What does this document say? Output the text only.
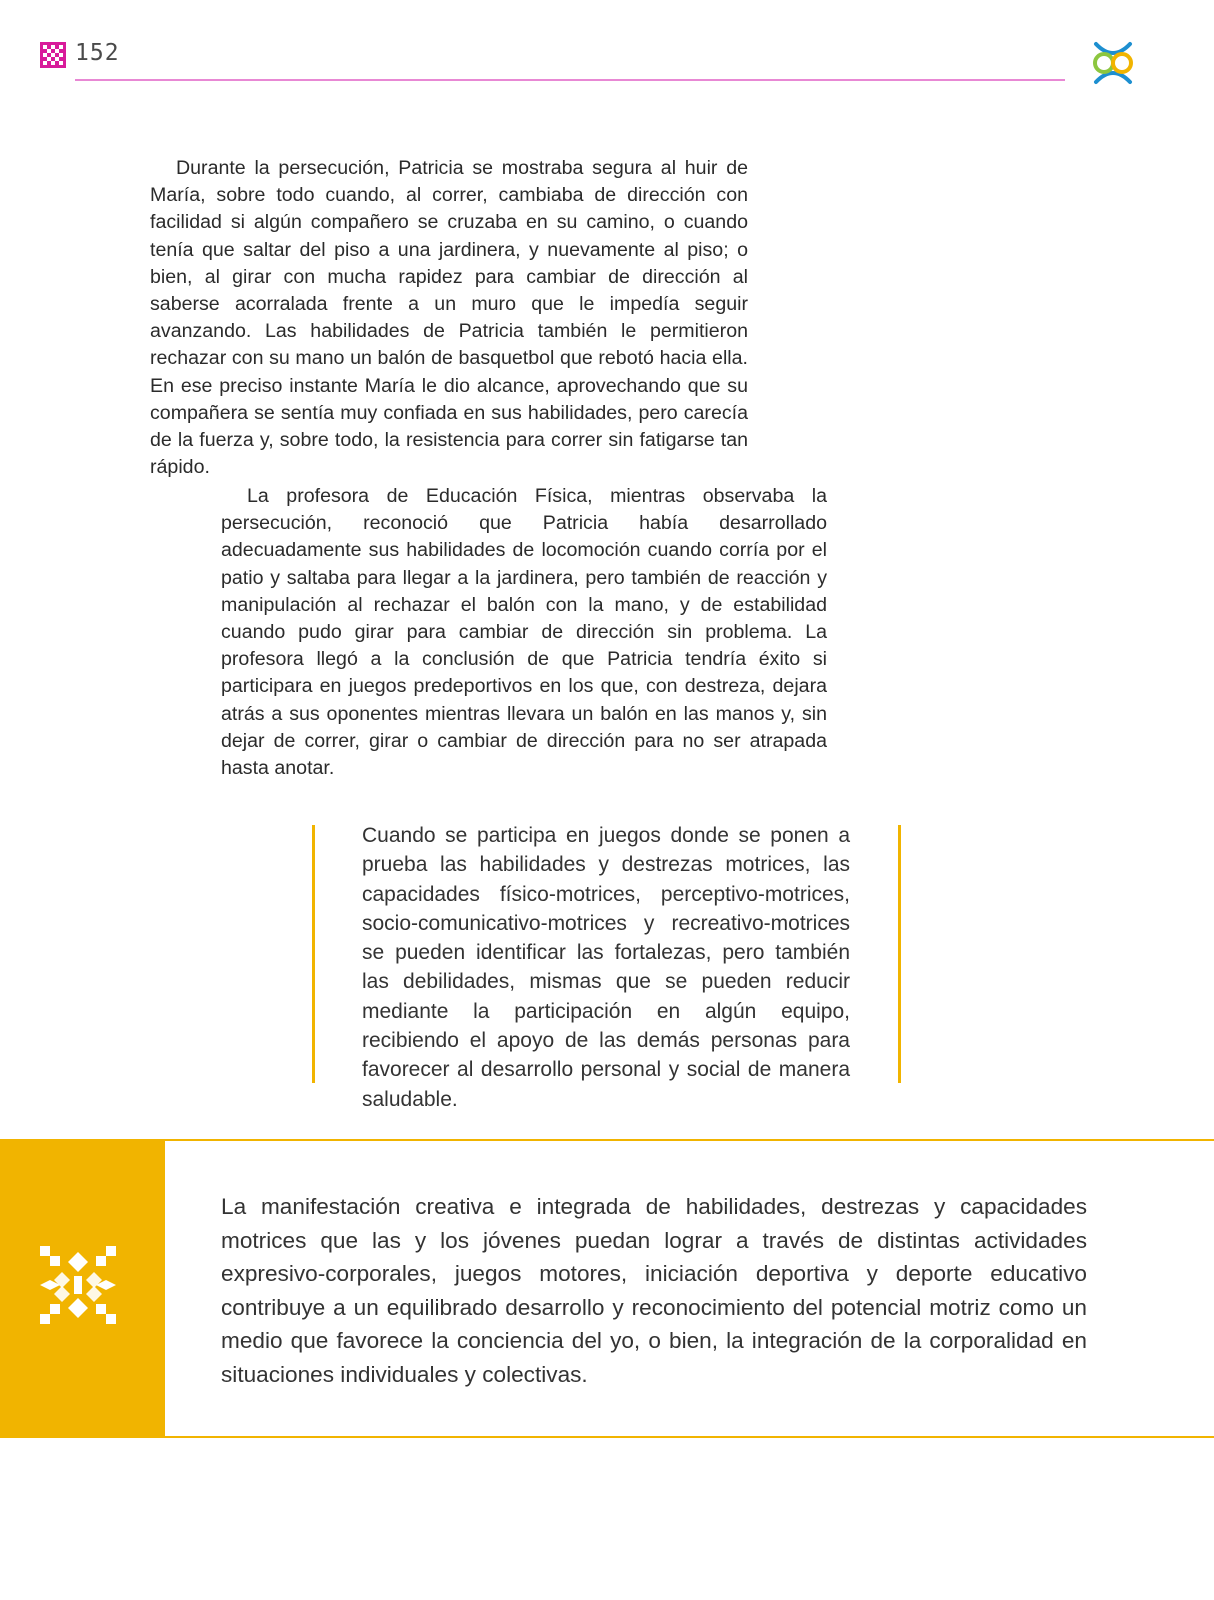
152

Durante la persecución, Patricia se mostraba segura al huir de María, sobre todo cuando, al correr, cambiaba de dirección con facilidad si algún compañero se cruzaba en su camino, o cuando tenía que saltar del piso a una jardinera, y nuevamente al piso; o bien, al girar con mucha rapidez para cambiar de dirección al saberse acorralada frente a un muro que le impedía seguir avanzando. Las habilidades de Patricia también le permitieron rechazar con su mano un balón de basquetbol que rebotó hacia ella. En ese preciso instante María le dio alcance, aprovechando que su compañera se sentía muy confiada en sus habilidades, pero carecía de la fuerza y, sobre todo, la resistencia para correr sin fatigarse tan rápido.

La profesora de Educación Física, mientras observaba la persecución, reconoció que Patricia había desarrollado adecuadamente sus habilidades de locomoción cuando corría por el patio y saltaba para llegar a la jardinera, pero también de reacción y manipulación al rechazar el balón con la mano, y de estabilidad cuando pudo girar para cambiar de dirección sin problema. La profesora llegó a la conclusión de que Patricia tendría éxito si participara en juegos predeportivos en los que, con destreza, dejara atrás a sus oponentes mientras llevara un balón en las manos y, sin dejar de correr, girar o cambiar de dirección para no ser atrapada hasta anotar.

Cuando se participa en juegos donde se ponen a prueba las habilidades y destrezas motrices, las capacidades físico-motrices, perceptivo-motrices, socio-comunicativo-motrices y recreativo-motrices se pueden identificar las fortalezas, pero también las debilidades, mismas que se pueden reducir mediante la participación en algún equipo, recibiendo el apoyo de las demás personas para favorecer al desarrollo personal y social de manera saludable.

La manifestación creativa e integrada de habilidades, destrezas y capacidades motrices que las y los jóvenes puedan lograr a través de distintas actividades expresivo-corporales, juegos motores, iniciación deportiva y deporte educativo contribuye a un equilibrado desarrollo y reconocimiento del potencial motriz como un medio que favorece la conciencia del yo, o bien, la integración de la corporalidad en situaciones individuales y colectivas.
